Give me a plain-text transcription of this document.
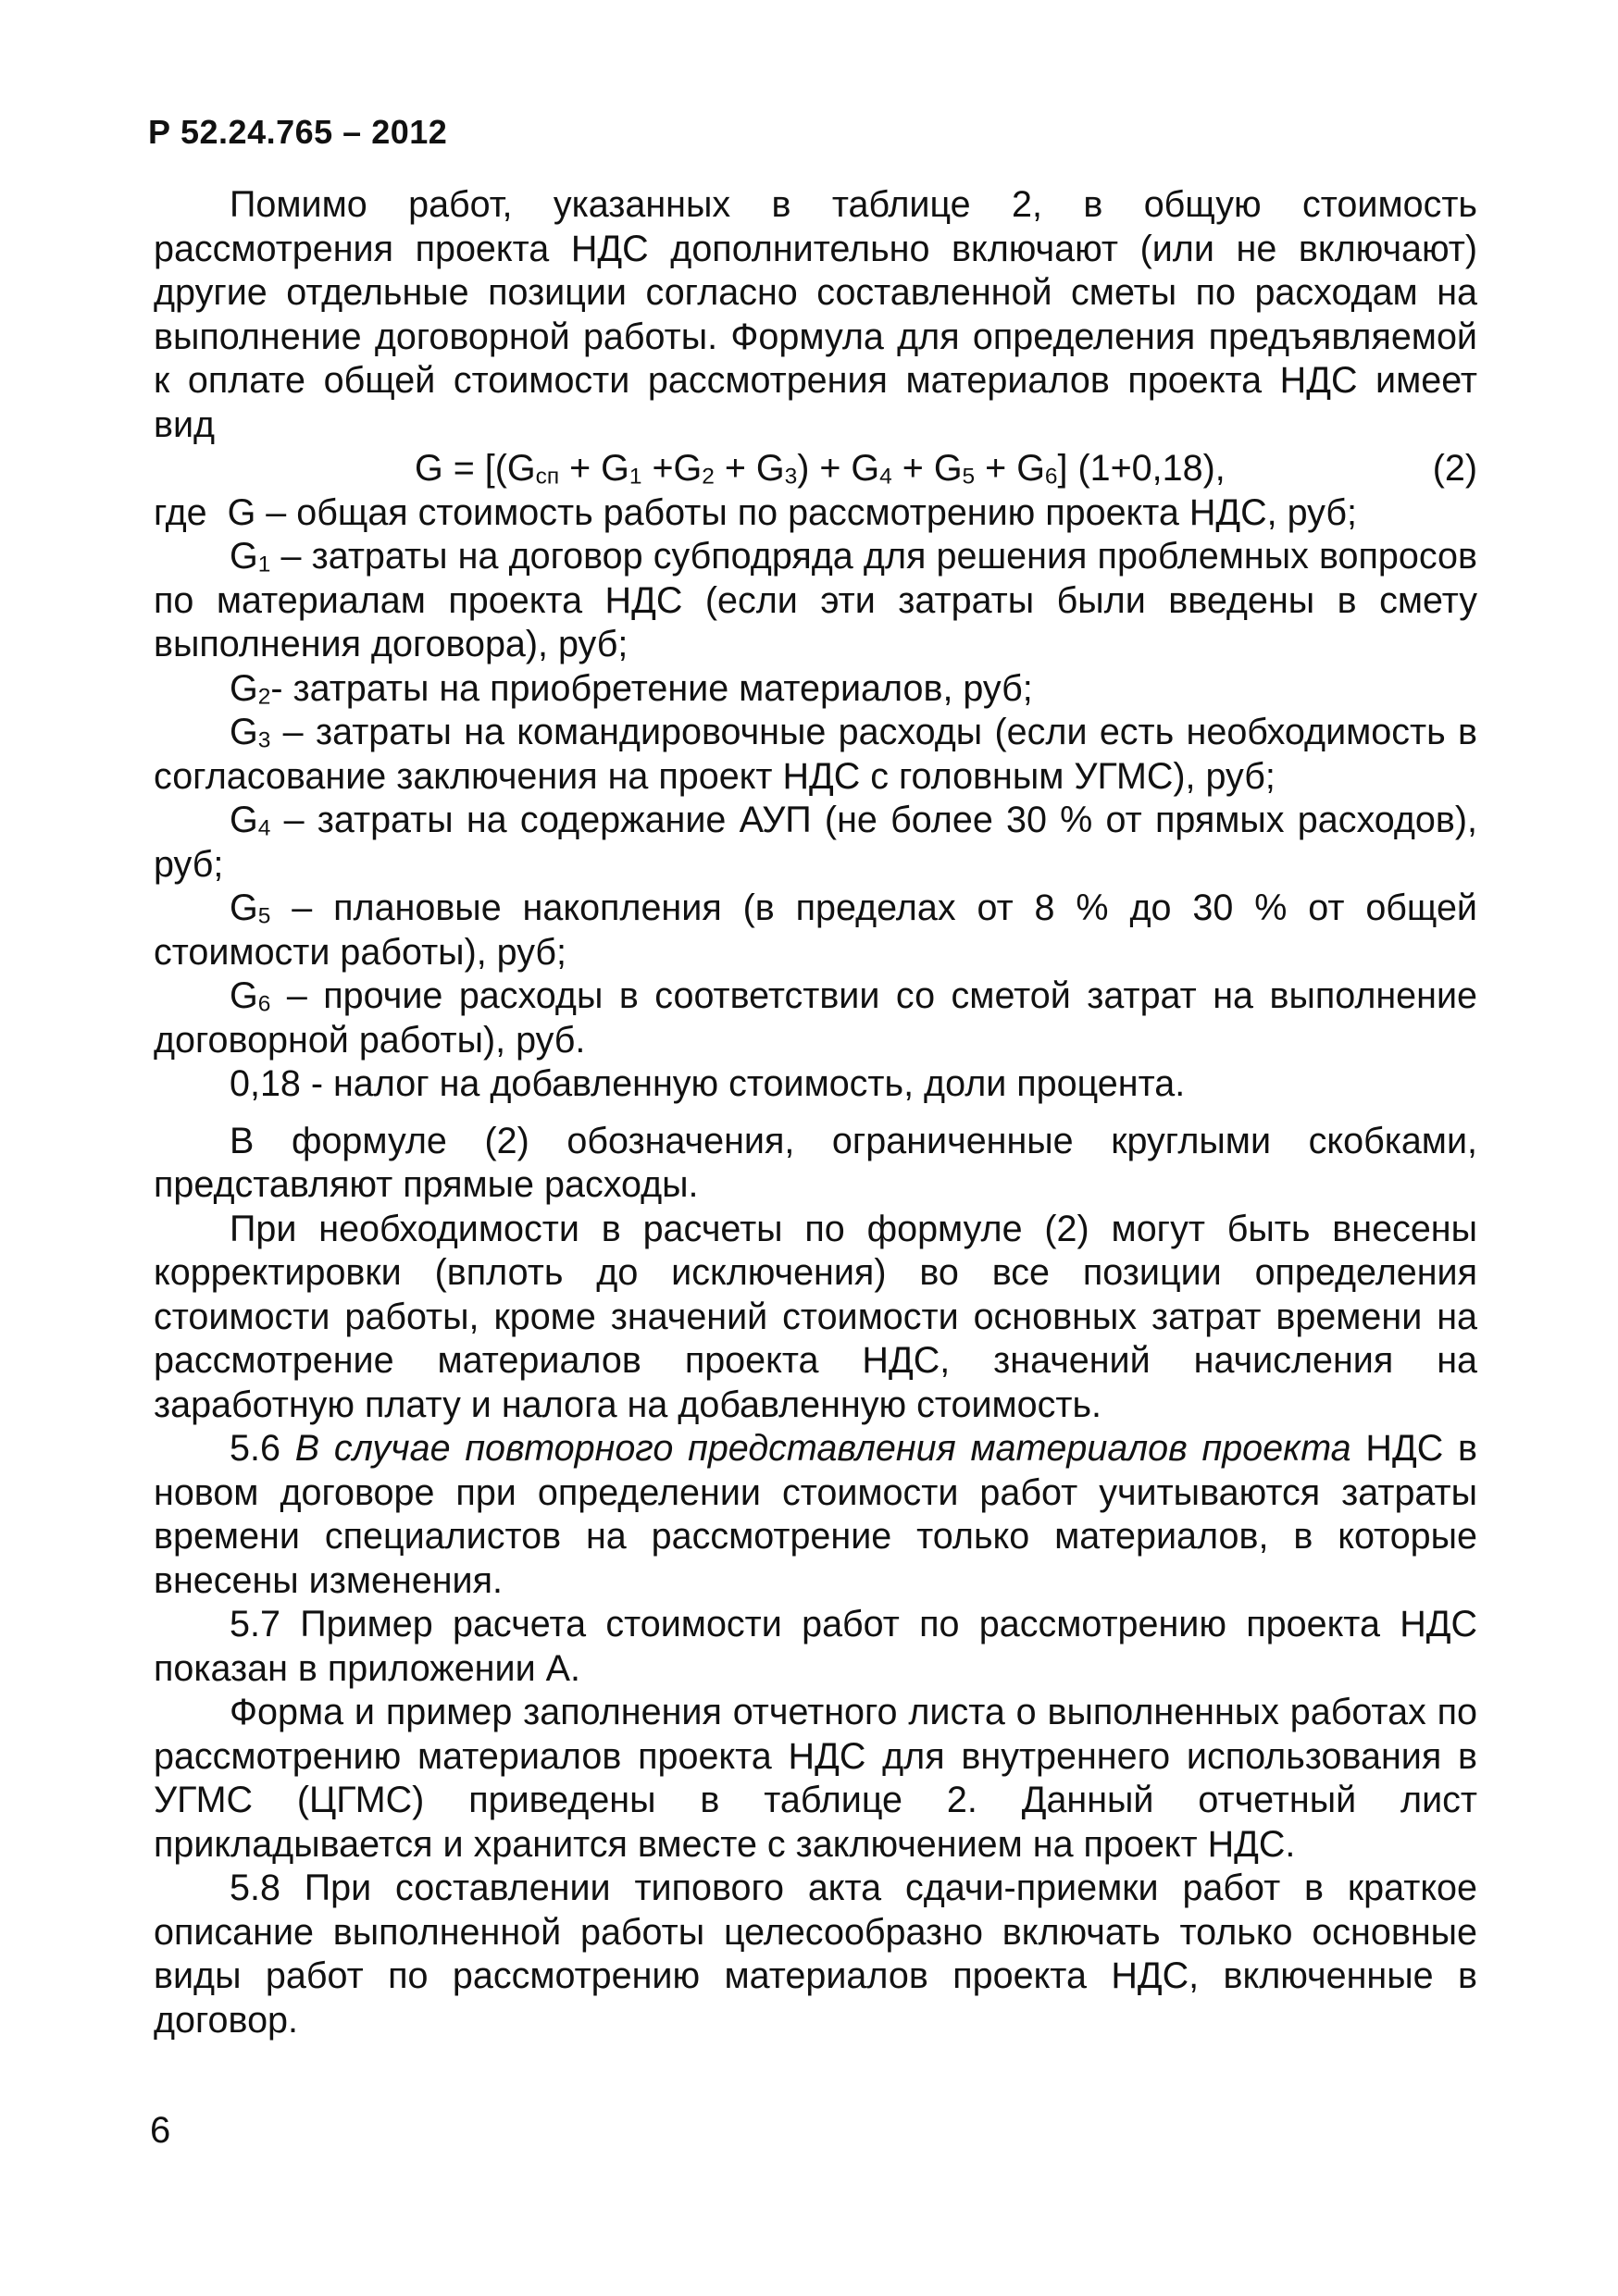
Р 52.24.765 – 2012

Помимо работ, указанных в таблице 2, в общую стоимость рассмотрения проекта НДС дополнительно включают (или не включают) другие отдельные позиции согласно составленной сметы по расходам на выполнение договорной работы. Формула для определения предъявляемой к оплате общей стоимости рассмотрения материалов проекта НДС имеет вид

$G = [(G_{сп} + G_1 +G_2 + G_3) + G_4 + G_5 + G_6]$ (1+0,18),	(2)

где G – общая стоимость работы по рассмотрению проекта НДС, руб;

$G_1$ – затраты на договор субподряда для решения проблемных вопросов по материалам проекта НДС (если эти затраты были введены в смету выполнения договора), руб;

$G_2-$ затраты на приобретение материалов, руб;

$G_3$ – затраты на командировочные расходы (если есть необходимость в согласование заключения на проект НДС с головным УГМС), руб;

$G_4$ – затраты на содержание АУП (не более 30 % от прямых расходов), руб;

$G_5$ – плановые накопления (в пределах от 8 % до 30 % от общей стоимости работы), руб;

$G_6$ – прочие расходы в соответствии со сметой затрат на выполнение договорной работы), руб.

0,18 - налог на добавленную стоимость, доли процента.

В формуле (2) обозначения, ограниченные круглыми скобками, представляют прямые расходы.

При необходимости в расчеты по формуле (2) могут быть внесены корректировки (вплоть до исключения) во все позиции определения стоимости работы, кроме значений стоимости основных затрат времени на рассмотрение материалов проекта НДС, значений начисления на заработную плату и налога на добавленную стоимость.

5.6 В случае повторного представления материалов проекта НДС в новом договоре при определении стоимости работ учитываются затраты времени специалистов на рассмотрение только материалов, в которые внесены изменения.

5.7 Пример расчета стоимости работ по рассмотрению проекта НДС показан в приложении А.

Форма и пример заполнения отчетного листа о выполненных работах по рассмотрению материалов проекта НДС для внутреннего использования в УГМС (ЦГМС) приведены в таблице 2. Данный отчетный лист прикладывается и хранится вместе с заключением на проект НДС.

5.8 При составлении типового акта сдачи-приемки работ в краткое описание выполненной работы целесообразно включать только основные виды работ по рассмотрению материалов проекта НДС, включенные в договор.

6
